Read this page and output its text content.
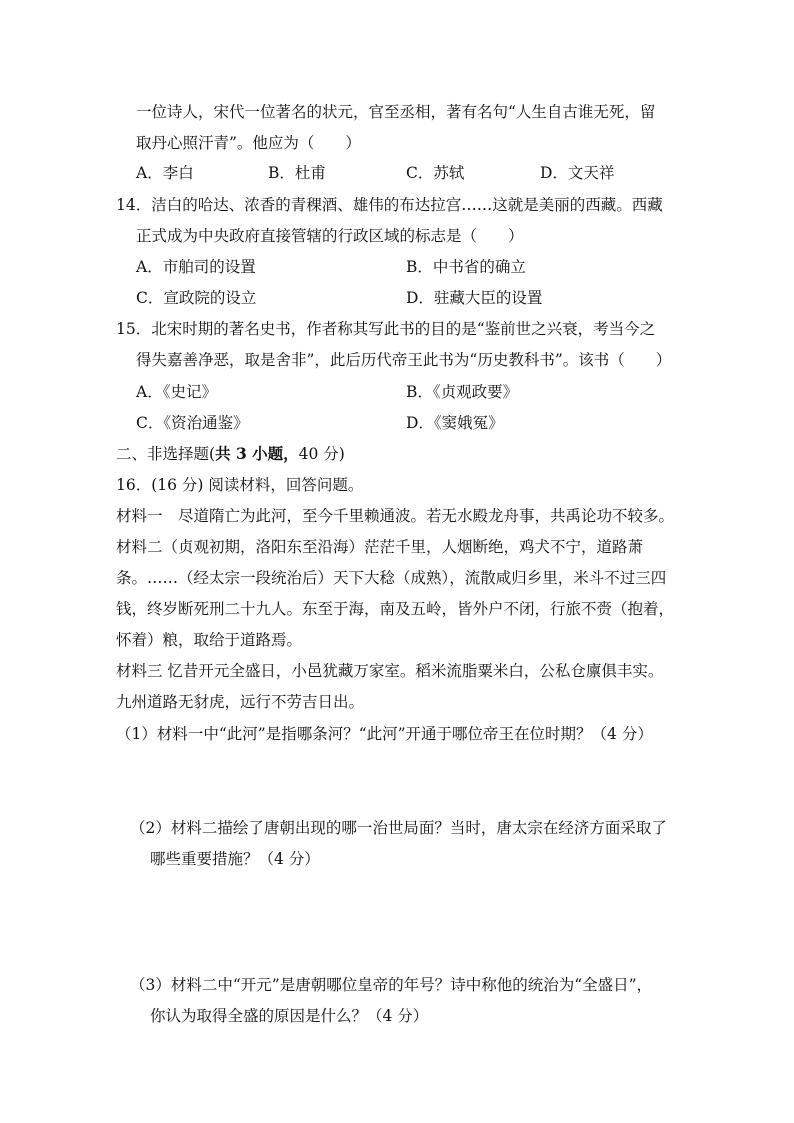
一位诗人，宋代一位著名的状元，官至丞相，著有名句“人生自古谁无死，留
取丹心照汗青”。他应为（　　）
A．李白	B．杜甫	C．苏轼	D．文天祥
14．洁白的哈达、浓香的青稞酒、雄伟的布达拉宫……这就是美丽的西藏。西藏
正式成为中央政府直接管辖的行政区域的标志是（　　）
A．市舶司的设置	B．中书省的确立
C．宣政院的设立	D．驻藏大臣的设置
15．北宋时期的著名史书，作者称其写此书的目的是“鉴前世之兴衰，考当今之
得失嘉善净恶，取是舍非”，此后历代帝王此书为“历史教科书”。该书（　　）
A．《史记》	B．《贞观政要》
C．《资治通鉴》	D．《窦娥冤》
二、非选择题(共 3 小题，40 分)
16．(16 分) 阅读材料，回答问题。
材料一　尽道隋亡为此河，至今千里赖通波。若无水殿龙舟事，共禹论功不较多。
材料二（贞观初期，洛阳东至沿海）茫茫千里，人烟断绝，鸡犬不宁，道路萧
条。……（经太宗一段统治后）天下大稔（成熟），流散咸归乡里，米斗不过三四
钱，终岁断死刑二十九人。东至于海，南及五岭，皆外户不闭，行旅不赍（抱着，
怀着）粮，取给于道路焉。
材料三 忆昔开元全盛日，小邑犹藏万家室。稻米流脂粟米白，公私仓廪俱丰实。
九州道路无豺虎，远行不劳吉日出。
（1）材料一中“此河”是指哪条河？“此河”开通于哪位帝王在位时期？（4 分）
（2）材料二描绘了唐朝出现的哪一治世局面？当时，唐太宗在经济方面采取了
哪些重要措施？（4 分）
（3）材料二中“开元”是唐朝哪位皇帝的年号？诗中称他的统治为“全盛日”，
你认为取得全盛的原因是什么？（4 分）
